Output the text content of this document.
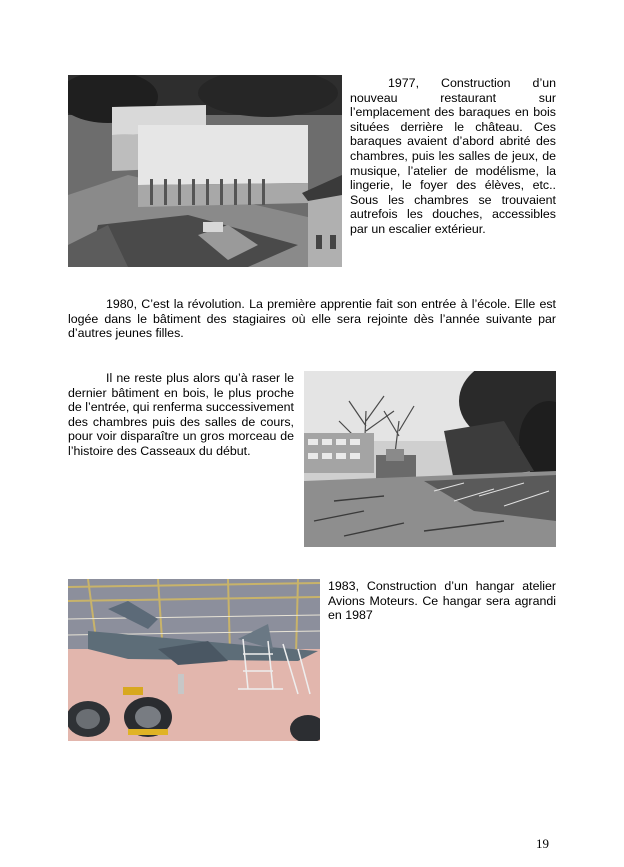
1977, Construction d’un nouveau restaurant sur l’emplacement des baraques en bois situées derrière le château. Ces baraques avaient d’abord abrité des chambres, puis les salles de jeux, de musique, l’atelier de modélisme, la lingerie, le foyer des élèves, etc.. Sous les chambres se trouvaient autrefois les douches, accessibles par un escalier extérieur.

1980, C’est la révolution. La première apprentie fait son entrée à l’école. Elle est logée dans le bâtiment des stagiaires où elle sera rejointe dès l’année suivante par d’autres jeunes filles.

Il ne reste plus alors qu’à raser le dernier bâtiment en bois, le plus proche de l’entrée, qui renferma successivement des chambres puis des salles de cours, pour voir disparaître un gros morceau de l’histoire des Casseaux du début.

1983, Construction d’un hangar atelier Avions Moteurs. Ce hangar sera agrandi en 1987

19
